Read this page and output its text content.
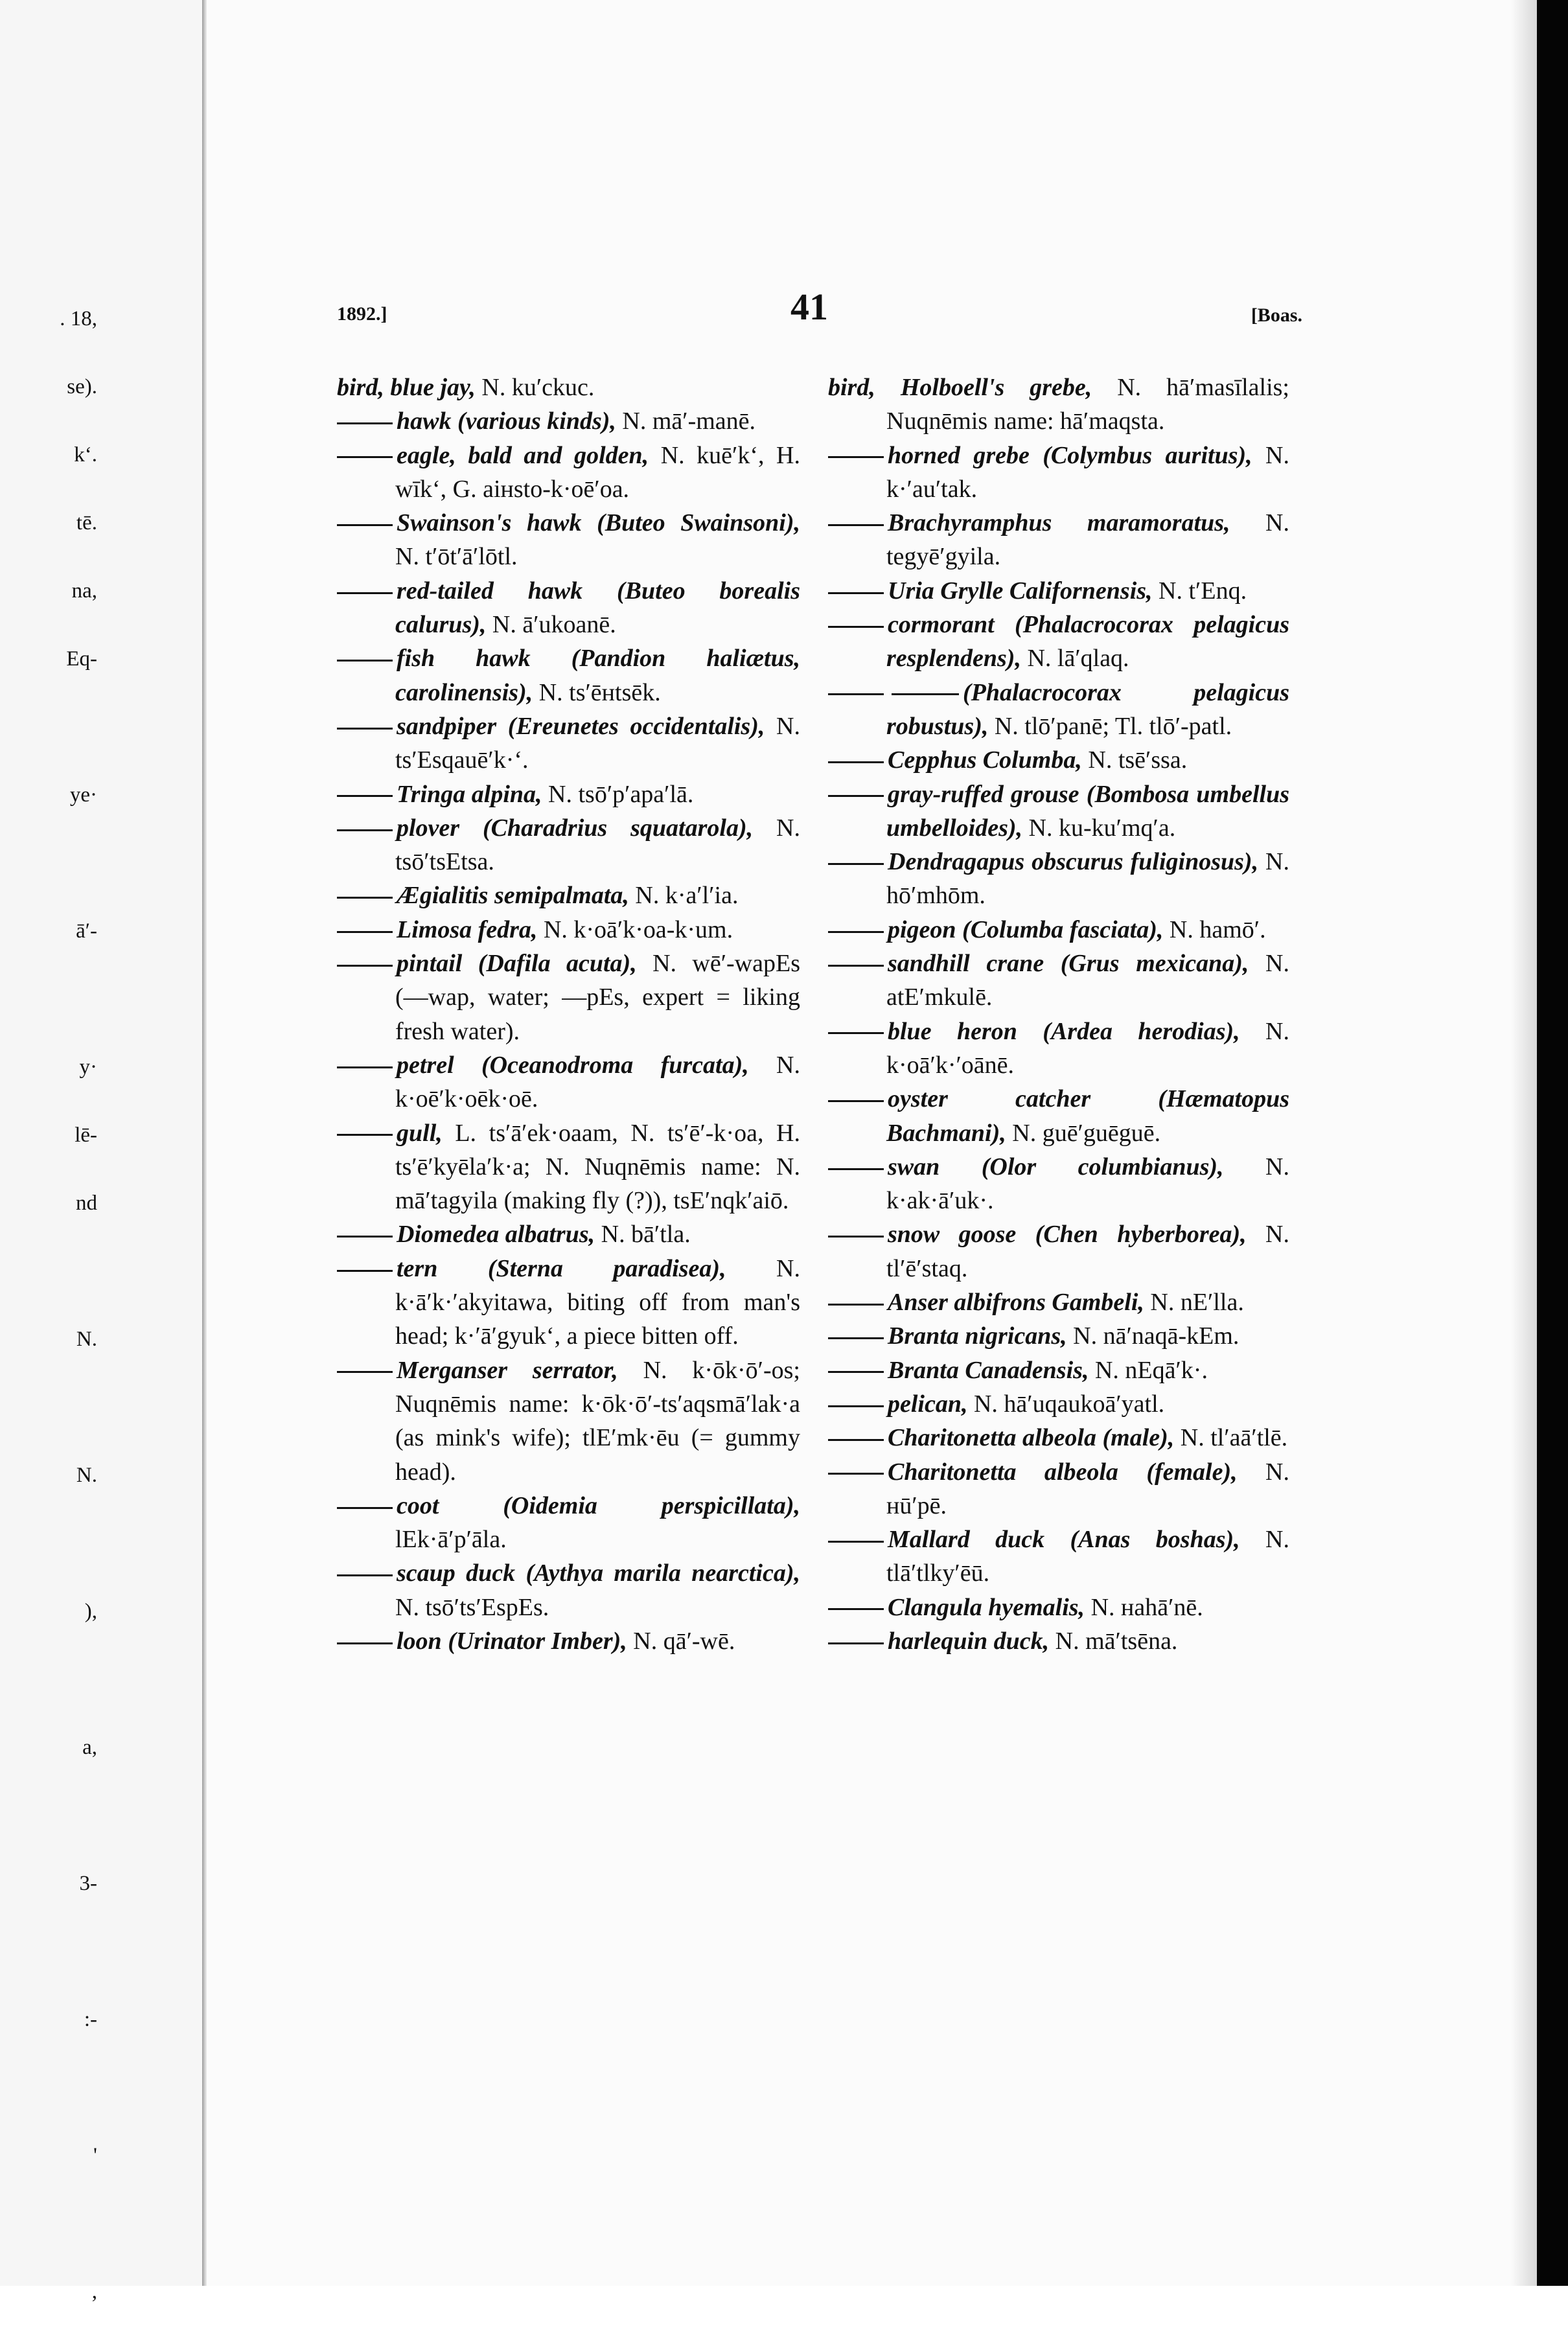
. 18,
se).
k‘.
tē.
na,
Eq-

ye·

ā′-

y·
lē-
nd

N.

N.

),

a,

3-

:-

'

,
1892.]	41	[Boas.

bird, blue jay, N. ku′ckuc.

hawk (various kinds), N. mā′-manē.

eagle, bald and golden, N. kuē′k‘, H. wīk‘, G. aiнsto-k·oē′oa.

Swainson's hawk (Buteo Swainsoni), N. t′ōt′ā′lōtl.

red-tailed hawk (Buteo borealis calurus), N. ā′ukoanē.

fish hawk (Pandion haliætus, carolinensis), N. ts′ēнtsēk.

sandpiper (Ereunetes occidentalis), N. ts′Esqauē′k·‘.

Tringa alpina, N. tsō′p′apa′lā.

plover (Charadrius squatarola), N. tsō′tsEtsa.

Ægialitis semipalmata, N. k·a′l′ia.

Limosa fedra, N. k·oā′k·oa-k·um.

pintail (Dafila acuta), N. wē′-wapEs (—wap, water; —pEs, expert = liking fresh water).

petrel (Oceanodroma furcata), N. k·oē′k·oēk·oē.

gull, L. ts′ā′ek·oaam, N. ts′ē′-k·oa, H. ts′ē′kyēla′k·a; N. Nuqnēmis name: N. mā′tagyila (making fly (?)), tsE′nqk′aiō.

Diomedea albatrus, N. bā′tla.

tern (Sterna paradisea), N. k·ā′k·′akyitawa, biting off from man's head; k·′ā′gyuk‘, a piece bitten off.

Merganser serrator, N. k·ōk·ō′-os; Nuqnēmis name: k·ōk·ō′-ts′aqsmā′lak·a (as mink's wife); tlE′mk·ēu (= gummy head).

coot (Oidemia perspicillata), lEk·ā′p′āla.

scaup duck (Aythya marila nearctica), N. tsō′ts′EspEs.

loon (Urinator Imber), N. qā′-wē.

bird, Holboell's grebe, N. hā′masīlalis; Nuqnēmis name: hā′maqsta.

horned grebe (Colymbus auritus), N. k·′au′tak.

Brachyramphus maramoratus, N. tegyē′gyila.

Uria Grylle Californensis, N. t′Enq.

cormorant (Phalacrocorax pelagicus resplendens), N. lā′qlaq.

(Phalacrocorax pelagicus robustus), N. tlō′panē; Tl. tlō′-patl.

Cepphus Columba, N. tsē′ssa.

gray-ruffed grouse (Bombosa umbellus umbelloides), N. ku-ku′mq′a.

Dendragapus obscurus fuliginosus), N. hō′mhōm.

pigeon (Columba fasciata), N. hamō′.

sandhill crane (Grus mexicana), N. atE′mkulē.

blue heron (Ardea herodias), N. k·oā′k·′oānē.

oyster catcher (Hæmatopus Bachmani), N. guē′guēguē.

swan (Olor columbianus), N. k·ak·ā′uk·.

snow goose (Chen hyberborea), N. tl′ē′staq.

Anser albifrons Gambeli, N. nE′lla.

Branta nigricans, N. nā′naqā-kEm.

Branta Canadensis, N. nEqā′k·.

pelican, N. hā′uqaukoā′yatl.

Charitonetta albeola (male), N. tl′aā′tlē.

Charitonetta albeola (female), N. нū′pē.

Mallard duck (Anas boshas), N. tlā′tlky′ēū.

Clangula hyemalis, N. нahā′nē.

harlequin duck, N. mā′tsēna.
